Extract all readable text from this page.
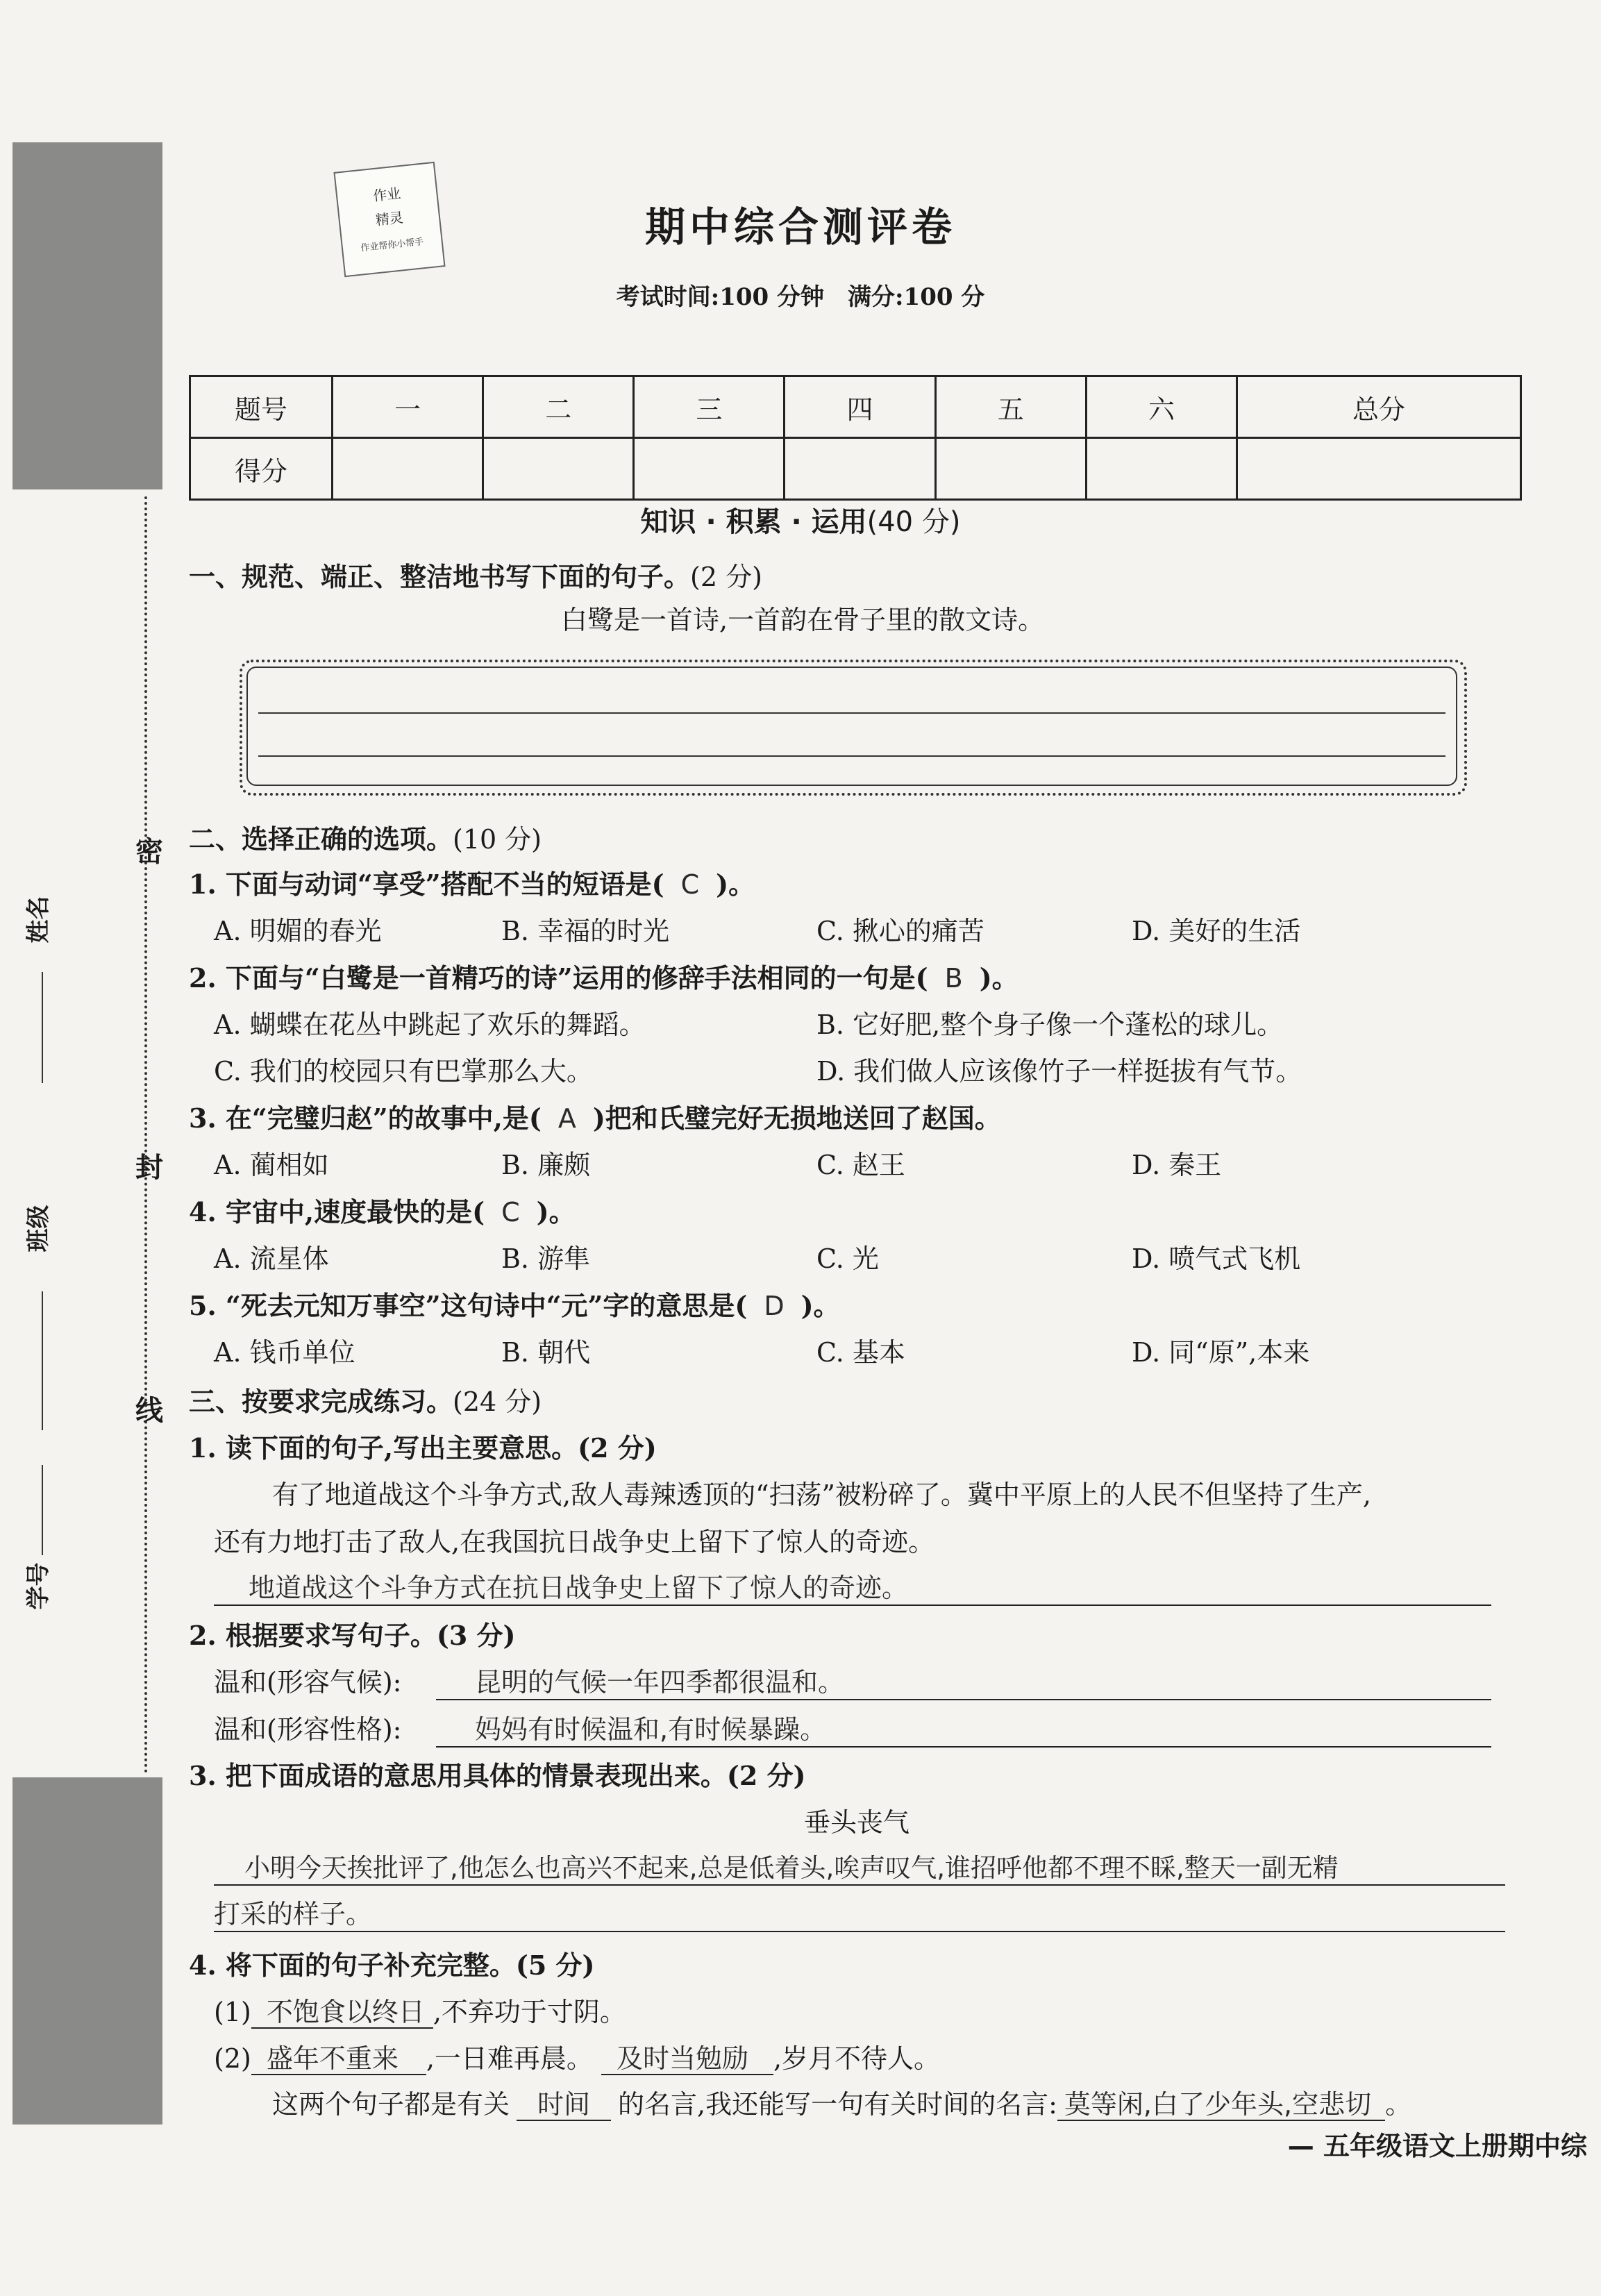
密
封
线
姓名
班级
学号
作业
精灵
作业帮你小帮手	期中综合测评卷
考试时间:100 分钟　满分:100 分
题号	一	二	三	四	五	六	总分
得分							
知识 · 积累 · 运用(40 分)
一、规范、端正、整洁地书写下面的句子。(2 分)
白鹭是一首诗,一首韵在骨子里的散文诗。
二、选择正确的选项。(10 分)
1. 下面与动词“享受”搭配不当的短语是( C )。
A. 明媚的春光	B. 幸福的时光	C. 揪心的痛苦	D. 美好的生活
2. 下面与“白鹭是一首精巧的诗”运用的修辞手法相同的一句是( B )。
A. 蝴蝶在花丛中跳起了欢乐的舞蹈。	B. 它好肥,整个身子像一个蓬松的球儿。
C. 我们的校园只有巴掌那么大。	D. 我们做人应该像竹子一样挺拔有气节。
3. 在“完璧归赵”的故事中,是( A )把和氏璧完好无损地送回了赵国。
A. 蔺相如	B. 廉颇	C. 赵王	D. 秦王
4. 宇宙中,速度最快的是( C )。
A. 流星体	B. 游隼	C. 光	D. 喷气式飞机
5. “死去元知万事空”这句诗中“元”字的意思是( D )。
A. 钱币单位	B. 朝代	C. 基本	D. 同“原”,本来
三、按要求完成练习。(24 分)
1. 读下面的句子,写出主要意思。(2 分)
有了地道战这个斗争方式,敌人毒辣透顶的“扫荡”被粉碎了。冀中平原上的人民不但坚持了生产,
还有力地打击了敌人,在我国抗日战争史上留下了惊人的奇迹。
地道战这个斗争方式在抗日战争史上留下了惊人的奇迹。
2. 根据要求写句子。(3 分)
温和(形容气候):	昆明的气候一年四季都很温和。
温和(形容性格):	妈妈有时候温和,有时候暴躁。
3. 把下面成语的意思用具体的情景表现出来。(2 分)
垂头丧气
小明今天挨批评了,他怎么也高兴不起来,总是低着头,唉声叹气,谁招呼他都不理不睬,整天一副无精
打采的样子。
4. 将下面的句子补充完整。(5 分)
(1) 不饱食以终日 ,不弃功于寸阴。
(2) 盛年不重来 ,一日难再晨。 及时当勉励 ,岁月不待人。
这两个句子都是有关 时间 的名言,我还能写一句有关时间的名言: 莫等闲,白了少年头,空悲切 。
— 五年级语文上册期中综
